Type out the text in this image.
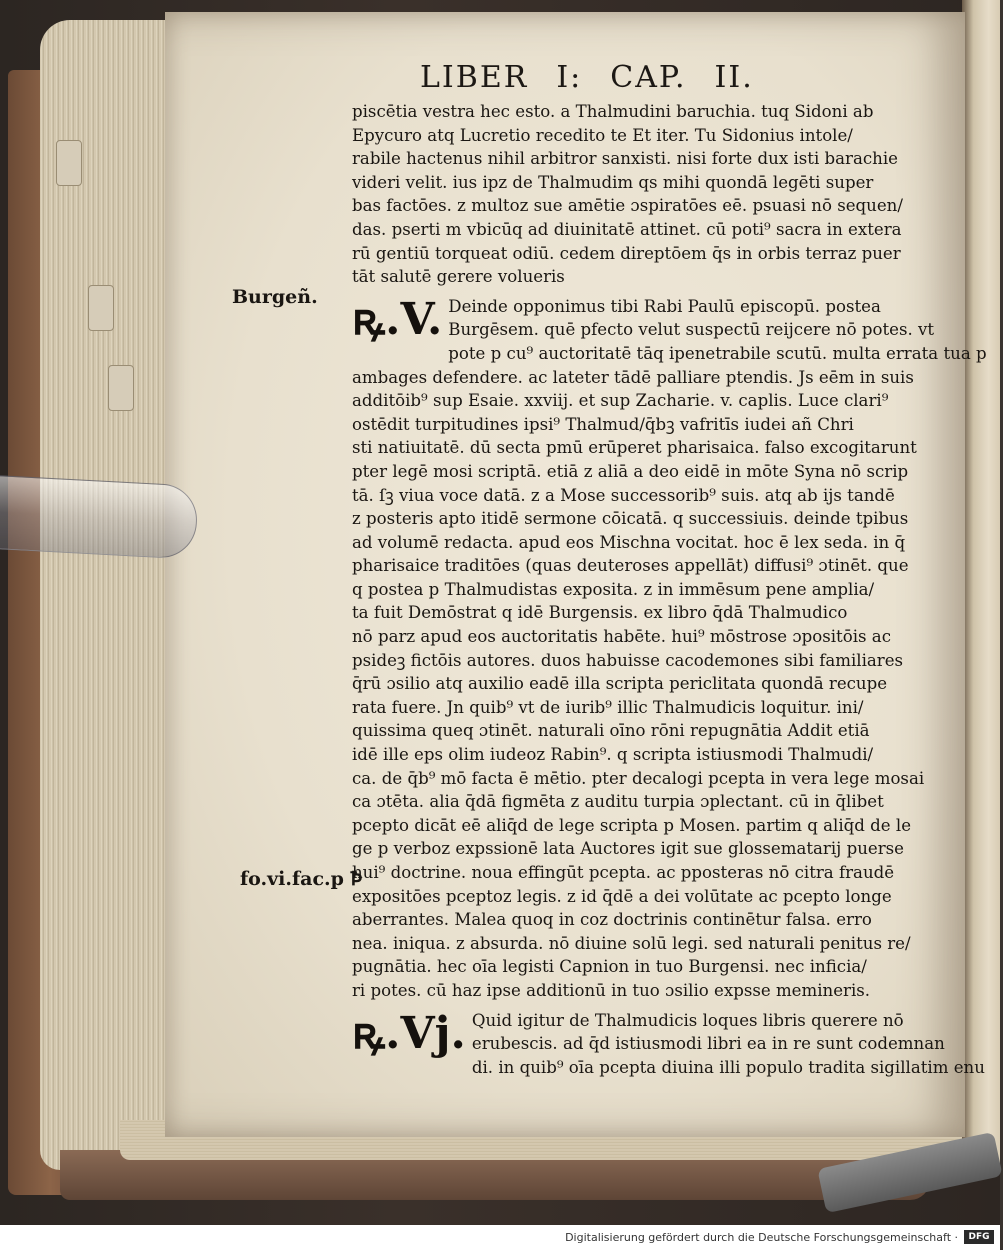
LIBER I: CAP. II.
piscētia vestra hec esto. a Thalmudini baruchia. tuq Sidoni ab
Epycuro atq Lucretio recedito te Et iter. Tu Sidonius intole/
rabile hactenus nihil arbitror sanxisti. nisi forte dux isti barachie
videri velit. ius ipz de Thalmudim qs mihi quondā legēti super
bas factōes. z multoz sue amētie ɔspiratōes eē. psuasi nō sequen/
das. pserti m vbicūq ad diuinitatē attinet. cū poti⁹ sacra in extera
rū gentiū torqueat odiū. cedem direptōem q̄s in orbis terraz puer
tāt salutē gerere volueris
ꝶ.V. Deinde opponimus tibi Rabi Paulū episcopū. postea
Burgēsem. quē pfecto velut suspectū reijcere nō potes. vt
pote p cu⁹ auctoritatē tāq ipenetrabile scutū. multa errata tua p
ambages defendere. ac lateter tādē palliare ptendis. Js eēm in suis
additōib⁹ sup Esaie. xxviij. et sup Zacharie. v. caplis. Luce clari⁹
ostēdit turpitudines ipsi⁹ Thalmud/q̄bꝫ vafritīs iudei añ Chri
sti natiuitatē. dū secta pmū erūperet pharisaica. falso excogitarunt
pter legē mosi scriptā. etiā z aliā a deo eidē in mōte Syna nō scrip
tā. ſꝫ viua voce datā. z a Mose successorib⁹ suis. atq ab ijs tandē
z posteris apto itidē sermone cōicatā. q successiuis. deinde tpibus
ad volumē redacta. apud eos Mischna vocitat. hoc ē lex seda. in q̄
pharisaice traditōes (quas deuteroses appellāt) diffusi⁹ ɔtinēt. que
q postea p Thalmudistas exposita. z in immēsum pene amplia/
ta fuit Demōstrat q idē Burgensis. ex libro q̄dā Thalmudico
nō parz apud eos auctoritatis habēte. hui⁹ mōstrose ɔpositōis ac
psideꝫ fictōis autores. duos habuisse cacodemones sibi familiares
q̄rū ɔsilio atq auxilio eadē illa scripta periclitata quondā recupe
rata fuere. Jn quib⁹ vt de iurib⁹ illic Thalmudicis loquitur. ini/
quissima queq ɔtinēt. naturali oīno rōni repugnātia Addit etiā
idē ille eps olim iudeoz Rabin⁹. q scripta istiusmodi Thalmudi/
ca. de q̄b⁹ mō facta ē mētio. pter decalogi pcepta in vera lege mosai
ca ɔtēta. alia q̄dā figmēta z auditu turpia ɔplectant. cū in q̄libet
pcepto dicāt eē aliq̄d de lege scripta p Mosen. partim q aliq̄d de le
ge p verboz expssionē lata Auctores igit sue glossematarij puerse
hui⁹ doctrine. noua effingūt pcepta. ac pposteras nō citra fraudē
expositōes pceptoz legis. z id q̄dē a dei volūtate ac pcepto longe
aberrantes. Malea quoq in coz doctrinis continētur falsa. erro
nea. iniqua. z absurda. nō diuine solū legi. sed naturali penitus re/
pugnātia. hec oīa legisti Capnion in tuo Burgensi. nec inficia/
ri potes. cū haz ipse additionū in tuo ɔsilio expsse memineris.
ꝶ.Vj. Quid igitur de Thalmudicis loques libris querere nō
erubescis. ad q̄d istiusmodi libri ea in re sunt codemnan
di. in quib⁹ oīa pcepta diuina illi populo tradita sigillatim enu
Burgeñ.
fo.vi.fac.p Ꝥ
Digitalisierung gefördert durch die Deutsche Forschungsgemeinschaft ·	DFG
